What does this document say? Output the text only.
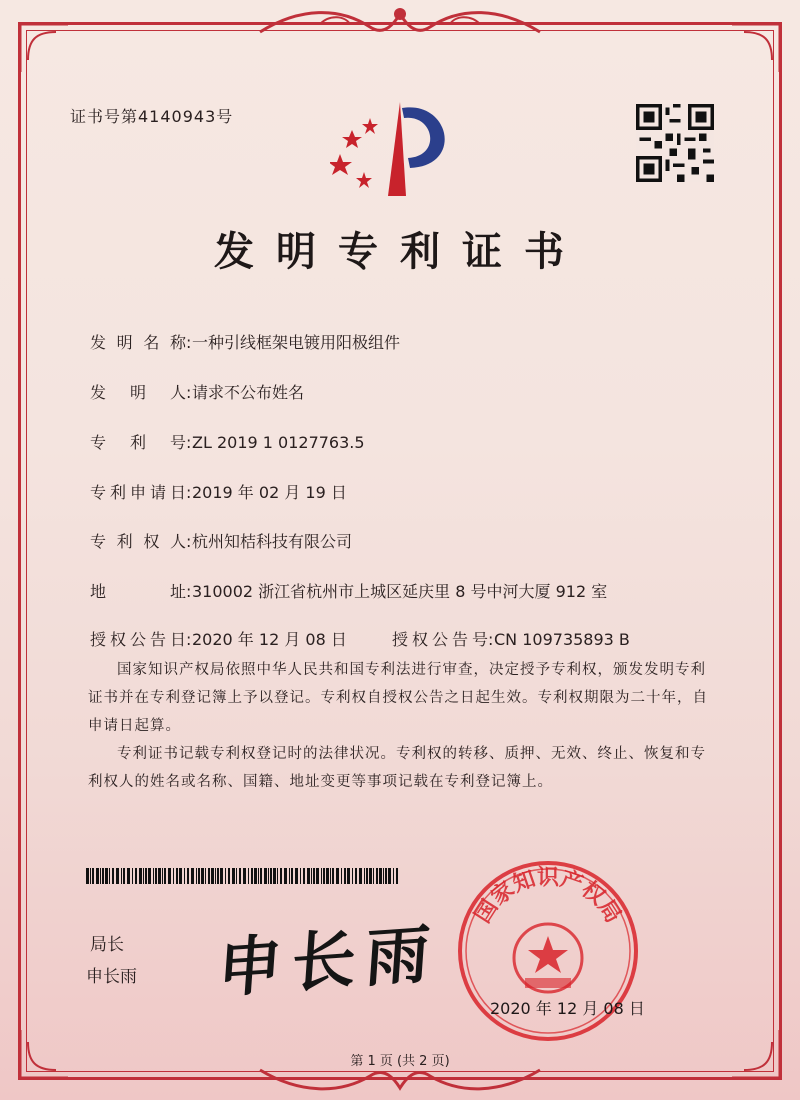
证书号第4140943号
发明专利证书
发明名称:一种引线框架电镀用阳极组件
发明人:请求不公布姓名
专利号:ZL 2019 1 0127763.5
专利申请日:2019 年 02 月 19 日
专利权人:杭州知桔科技有限公司
地址:310002 浙江省杭州市上城区延庆里 8 号中河大厦 912 室
授权公告日:2020 年 12 月 08 日	授权公告号:CN 109735893 B

国家知识产权局依照中华人民共和国专利法进行审查，决定授予专利权，颁发发明专利证书并在专利登记簿上予以登记。专利权自授权公告之日起生效。专利权期限为二十年，自申请日起算。

专利证书记载专利权登记时的法律状况。专利权的转移、质押、无效、终止、恢复和专利权人的姓名或名称、国籍、地址变更等事项记载在专利登记簿上。

局长
申长雨 申长雨
国家知识产权局
2020 年 12 月 08 日
第 1 页 (共 2 页)
